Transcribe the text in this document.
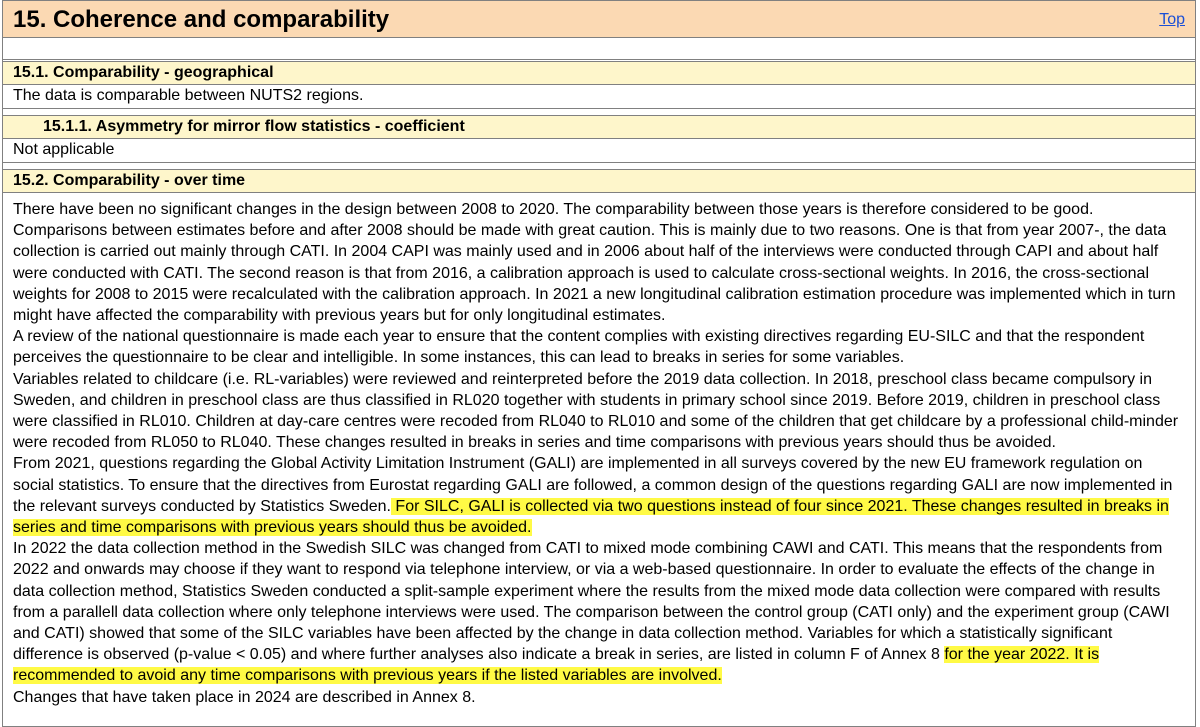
15. Coherence and comparability	Top
15.1. Comparability - geographical
The data is comparable between NUTS2 regions.
15.1.1. Asymmetry for mirror flow statistics - coefficient
Not applicable
15.2. Comparability - over time

There have been no significant changes in the design between 2008 to 2020. The comparability between those years is therefore considered to be good. Comparisons between estimates before and after 2008 should be made with great caution. This is mainly due to two reasons. One is that from year 2007-, the data collection is carried out mainly through CATI. In 2004 CAPI was mainly used and in 2006 about half of the interviews were conducted through CAPI and about half were conducted with CATI. The second reason is that from 2016, a calibration approach is used to calculate cross-sectional weights. In 2016, the cross-sectional weights for 2008 to 2015 were recalculated with the calibration approach. In 2021 a new longitudinal calibration estimation procedure was implemented which in turn might have affected the comparability with previous years but for only longitudinal estimates.

A review of the national questionnaire is made each year to ensure that the content complies with existing directives regarding EU-SILC and that the respondent perceives the questionnaire to be clear and intelligible. In some instances, this can lead to breaks in series for some variables.

Variables related to childcare (i.e. RL-variables) were reviewed and reinterpreted before the 2019 data collection. In 2018, preschool class became compulsory in Sweden, and children in preschool class are thus classified in RL020 together with students in primary school since 2019. Before 2019, children in preschool class were classified in RL010. Children at day-care centres were recoded from RL040 to RL010 and some of the children that get childcare by a professional child-minder were recoded from RL050 to RL040. These changes resulted in breaks in series and time comparisons with previous years should thus be avoided.

From 2021, questions regarding the Global Activity Limitation Instrument (GALI) are implemented in all surveys covered by the new EU framework regulation on social statistics. To ensure that the directives from Eurostat regarding GALI are followed, a common design of the questions regarding GALI are now implemented in the relevant surveys conducted by Statistics Sweden. For SILC, GALI is collected via two questions instead of four since 2021. These changes resulted in breaks in series and time comparisons with previous years should thus be avoided.

In 2022 the data collection method in the Swedish SILC was changed from CATI to mixed mode combining CAWI and CATI. This means that the respondents from 2022 and onwards may choose if they want to respond via telephone interview, or via a web-based questionnaire. In order to evaluate the effects of the change in data collection method, Statistics Sweden conducted a split-sample experiment where the results from the mixed mode data collection were compared with results from a parallell data collection where only telephone interviews were used. The comparison between the control group (CATI only) and the experiment group (CAWI and CATI) showed that some of the SILC variables have been affected by the change in data collection method. Variables for which a statistically significant difference is observed (p-value < 0.05) and where further analyses also indicate a break in series, are listed in column F of Annex 8 for the year 2022. It is recommended to avoid any time comparisons with previous years if the listed variables are involved.

Changes that have taken place in 2024 are described in Annex 8.
